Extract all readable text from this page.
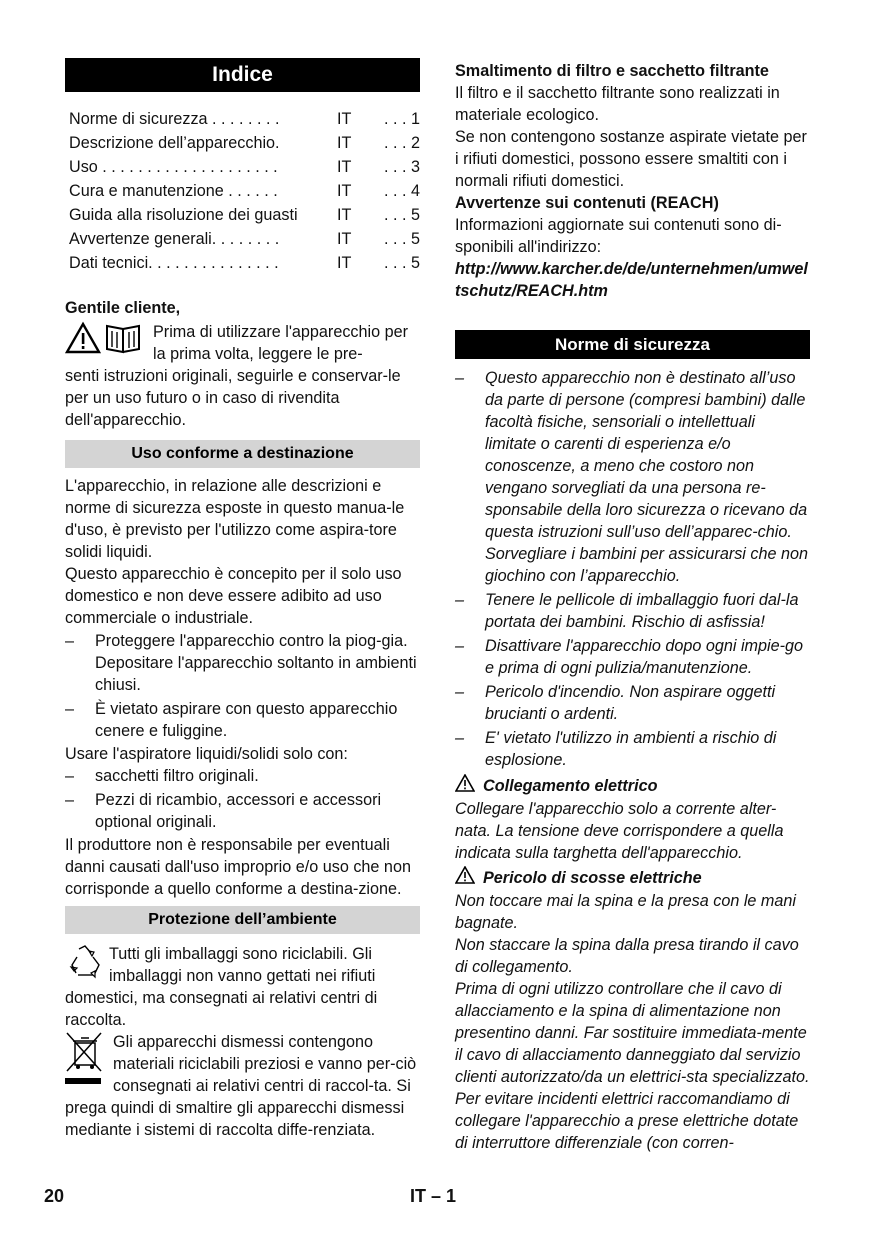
Indice
Norme di sicurezza . . . . . . . .	IT	. . . 1
Descrizione dell’apparecchio.	IT	. . . 2
Uso . . . . . . . . . . . . . . . . . . . .	IT	. . . 3
Cura e manutenzione . . . . . .	IT	. . . 4
Guida alla risoluzione dei guasti	IT	. . . 5
Avvertenze generali. . . . . . . .	IT	. . . 5
Dati tecnici. . . . . . . . . . . . . . .	IT	. . . 5

Gentile cliente,

Prima di utilizzare l'apparecchio per la prima volta, leggere le pre-

senti istruzioni originali, seguirle e conservar-le per un uso futuro o in caso di rivendita dell'apparecchio.

Uso conforme a destinazione

L'apparecchio, in relazione alle descrizioni e norme di sicurezza esposte in questo manua-le d'uso, è previsto per l'utilizzo come aspira-tore solidi liquidi.

Questo apparecchio è concepito per il solo uso domestico e non deve essere adibito ad uso commerciale o industriale.

– Proteggere l'apparecchio contro la piog-gia. Depositare l'apparecchio soltanto in ambienti chiusi.
– È vietato aspirare con questo apparecchio cenere e fuliggine.

Usare l'aspiratore liquidi/solidi solo con:

– sacchetti filtro originali.
– Pezzi di ricambio, accessori e accessori optional originali.

Il produttore non è responsabile per eventuali danni causati dall'uso improprio e/o uso che non corrisponde a quello conforme a destina-zione.

Protezione dell’ambiente

Tutti gli imballaggi sono riciclabili. Gli imballaggi non vanno gettati nei rifiuti domestici, ma consegnati ai relativi centri di raccolta.

Gli apparecchi dismessi contengono materiali riciclabili preziosi e vanno per-ciò consegnati ai relativi centri di raccol-ta. Si prega quindi di smaltire gli apparecchi dismessi mediante i sistemi di raccolta diffe-renziata.

Smaltimento di filtro e sacchetto filtrante

Il filtro e il sacchetto filtrante sono realizzati in materiale ecologico.

Se non contengono sostanze aspirate vietate per i rifiuti domestici, possono essere smaltiti con i normali rifiuti domestici.

Avvertenze sui contenuti (REACH)

Informazioni aggiornate sui contenuti sono di-sponibili all'indirizzo:

http://www.karcher.de/de/unternehmen/umweltschutz/REACH.htm

Norme di sicurezza
– Questo apparecchio non è destinato all’uso da parte di persone (compresi bambini) dalle facoltà fisiche, sensoriali o intellettuali limitate o carenti di esperienza e/o conoscenze, a meno che costoro non vengano sorvegliati da una persona re-sponsabile della loro sicurezza o ricevano da questa istruzioni sull’uso dell’apparec-chio. Sorvegliare i bambini per assicurarsi che non giochino con l’apparecchio.
– Tenere le pellicole di imballaggio fuori dal-la portata dei bambini. Rischio di asfissia!
– Disattivare l'apparecchio dopo ogni impie-go e prima di ogni pulizia/manutenzione.
– Pericolo d'incendio. Non aspirare oggetti brucianti o ardenti.
– E' vietato l'utilizzo in ambienti a rischio di esplosione.
Collegamento elettrico

Collegare l'apparecchio solo a corrente alter-nata. La tensione deve corrispondere a quella indicata sulla targhetta dell'apparecchio.

Pericolo di scosse elettriche

Non toccare mai la spina e la presa con le mani bagnate.

Non staccare la spina dalla presa tirando il cavo di collegamento.

Prima di ogni utilizzo controllare che il cavo di allacciamento e la spina di alimentazione non presentino danni. Far sostituire immediata-mente il cavo di allacciamento danneggiato dal servizio clienti autorizzato/da un elettrici-sta specializzato.

Per evitare incidenti elettrici raccomandiamo di collegare l'apparecchio a prese elettriche dotate di interruttore differenziale (con corren-

20	IT – 1
